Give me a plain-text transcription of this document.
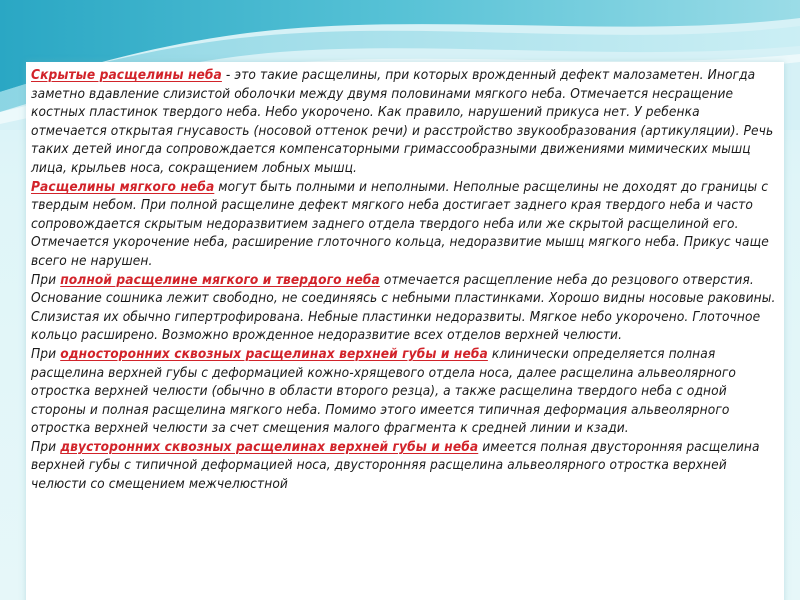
Скрытые расщелины неба - это такие расщелины, при которых врожденный дефект малозаметен. Иногда заметно вдавление слизистой оболочки между двумя половинами мягкого неба. Отмечается несращение костных пластинок твердого неба. Небо укорочено. Как правило, нарушений прикуса нет. У ребенка отмечается открытая гнусавость (носовой оттенок речи) и расстройство звукообразования (артикуляции). Речь таких детей иногда сопровождается компенсаторными гримассообразными движениями мимических мышц лица, крыльев носа, сокращением лобных мышц.

Расщелины мягкого неба могут быть полными и неполными. Неполные расщелины не доходят до границы с твердым небом. При полной расщелине дефект мягкого неба достигает заднего края твердого неба и часто сопровождается скрытым недоразвитием заднего отдела твердого неба или же скрытой расщелиной его. Отмечается укорочение неба, расширение глоточного кольца, недоразвитие мышц мягкого неба. Прикус чаще всего не нарушен.

При полной расщелине мягкого и твердого неба отмечается расщепление неба до резцового отверстия. Основание сошника лежит свободно, не соединяясь с небными пластинками. Хорошо видны носовые раковины. Слизистая их обычно гипертрофирована. Небные пластинки недоразвиты. Мягкое небо укорочено. Глоточное кольцо расширено. Возможно врожденное недоразвитие всех отделов верхней челюсти.

При односторонних сквозных расщелинах верхней губы и неба клинически определяется полная расщелина верхней губы с деформацией кожно-хрящевого отдела носа, далее расщелина альвеолярного отростка верхней челюсти (обычно в области второго резца), а также расщелина твердого неба с одной стороны и полная расщелина мягкого неба. Помимо этого имеется типичная деформация альвеолярного отростка верхней челюсти за счет смещения малого фрагмента к средней линии и кзади.

При двусторонних сквозных расщелинах верхней губы и неба имеется полная двусторонняя расщелина верхней губы с типичной деформацией носа, двусторонняя расщелина альвеолярного отростка верхней челюсти со смещением межчелюстной
